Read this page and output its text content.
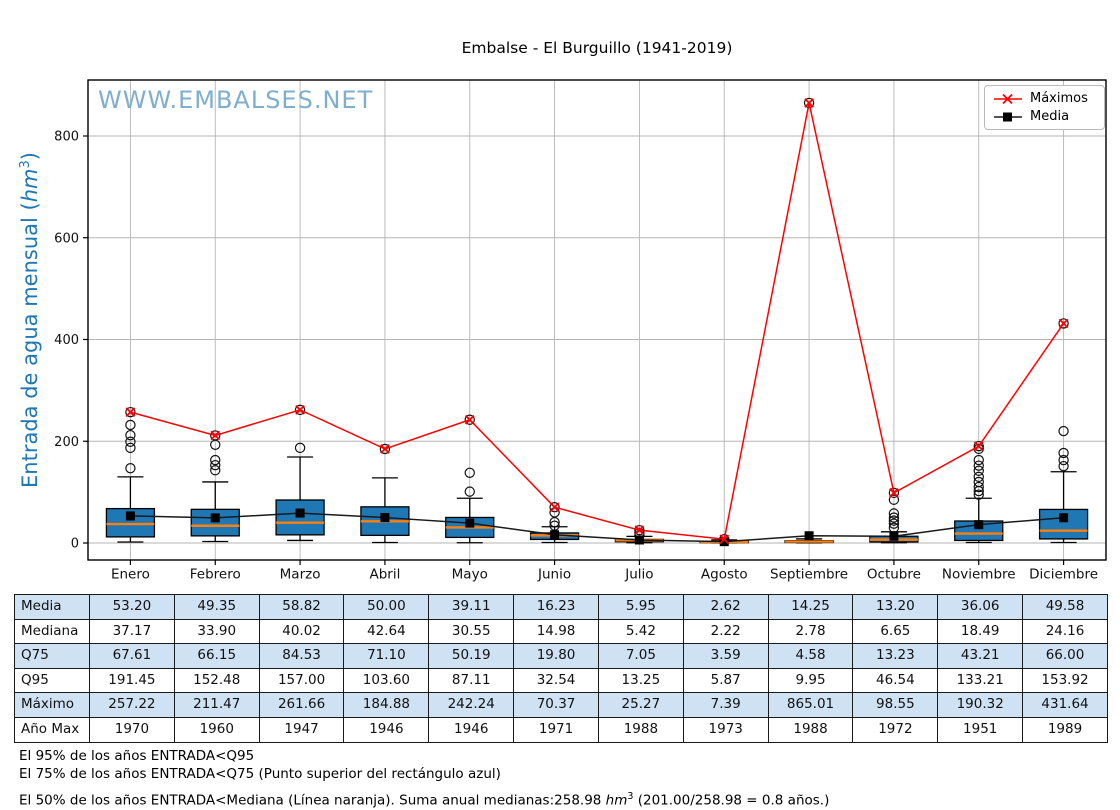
Embalse - El Burguillo (1941-2019)
Entrada de agua mensual $(hm^3)$
0
200
400
600
800
Enero	Febrero	Marzo	Abril	Mayo	Junio	Julio	Agosto Septiembre Octubre Noviembre Diciembre
WWW.EMBALSES.NET	Máximos
Media
Media	53.20	49.35	58.82	50.00	39.11	16.23	5.95	2.62	14.25	13.20	36.06	49.58
Mediana	37.17	33.90	40.02	42.64	30.55	14.98	5.42	2.22	2.78	6.65	18.49	24.16
Q75	67.61	66.15	84.53	71.10	50.19	19.80	7.05	3.59	4.58	13.23	43.21	66.00
Q95	191.45	152.48	157.00	103.60	87.11	32.54	13.25	5.87	9.95	46.54	133.21	153.92
Máximo	257.22	211.47	261.66	184.88	242.24	70.37	25.27	7.39	865.01	98.55	190.32	431.64
Año Max	1970	1960	1947	1946	1946	1971	1988	1973	1988	1972	1951	1989
El 95% de los años ENTRADA<Q95
El 75% de los años ENTRADA<Q75 (Punto superior del rectángulo azul)
El 50% de los años ENTRADA<Mediana (Línea naranja). Suma anual medianas:258.98 $hm^3$ (201.00/258.98 = 0.8 años.)
